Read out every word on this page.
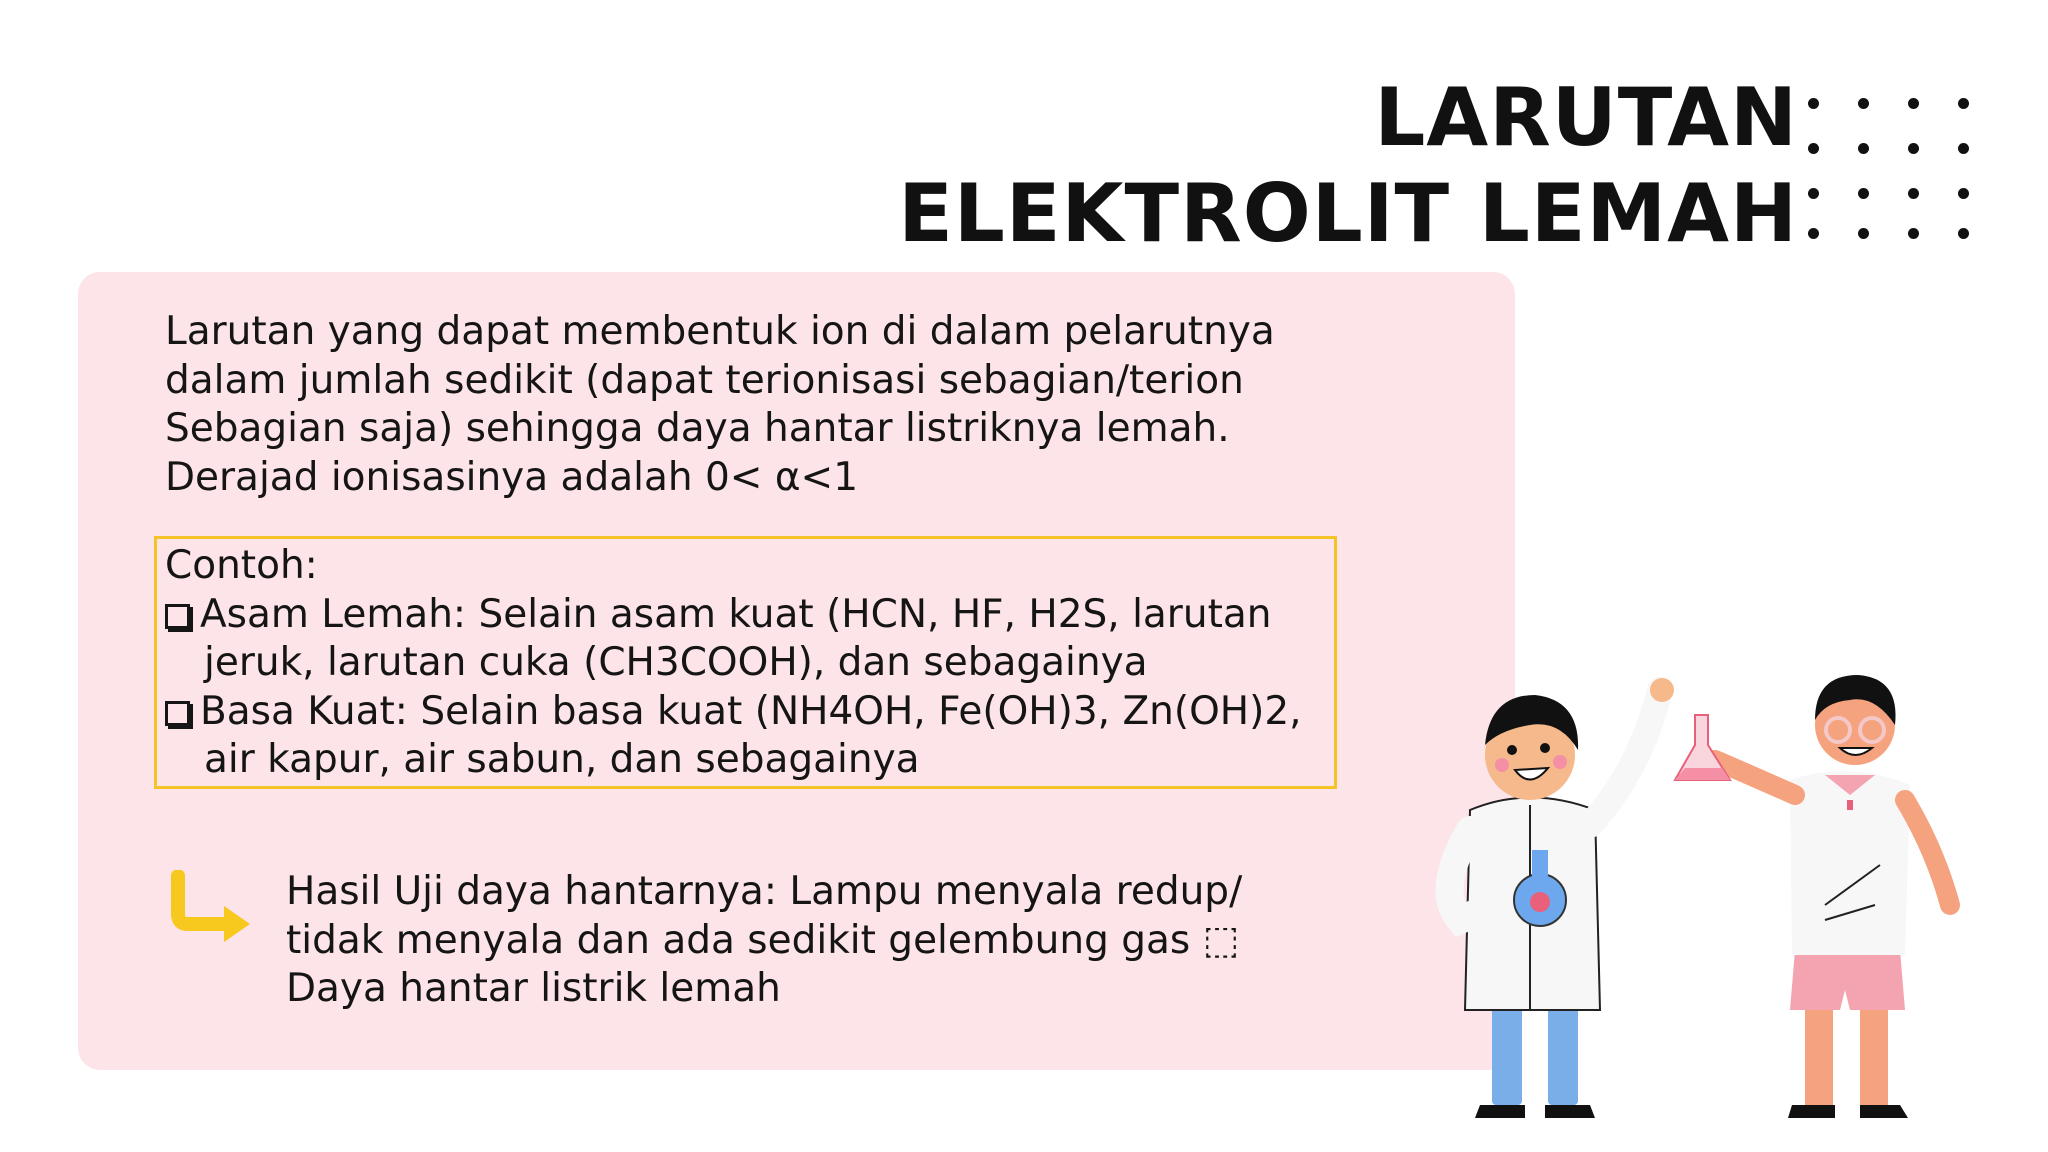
LARUTAN
ELEKTROLIT LEMAH
Larutan yang dapat membentuk ion di dalam pelarutnya
dalam jumlah sedikit (dapat terionisasi sebagian/terion
Sebagian saja) sehingga daya hantar listriknya lemah.
Derajad ionisasinya adalah 0< α<1
Contoh:
Asam Lemah: Selain asam kuat (HCN, HF, H2S, larutan
jeruk, larutan cuka (CH3COOH), dan sebagainya
Basa Kuat: Selain basa kuat (NH4OH, Fe(OH)3, Zn(OH)2,
air kapur, air sabun, dan sebagainya
Hasil Uji daya hantarnya: Lampu menyala redup/
tidak menyala dan ada sedikit gelembung gas ⬚
Daya hantar listrik lemah
